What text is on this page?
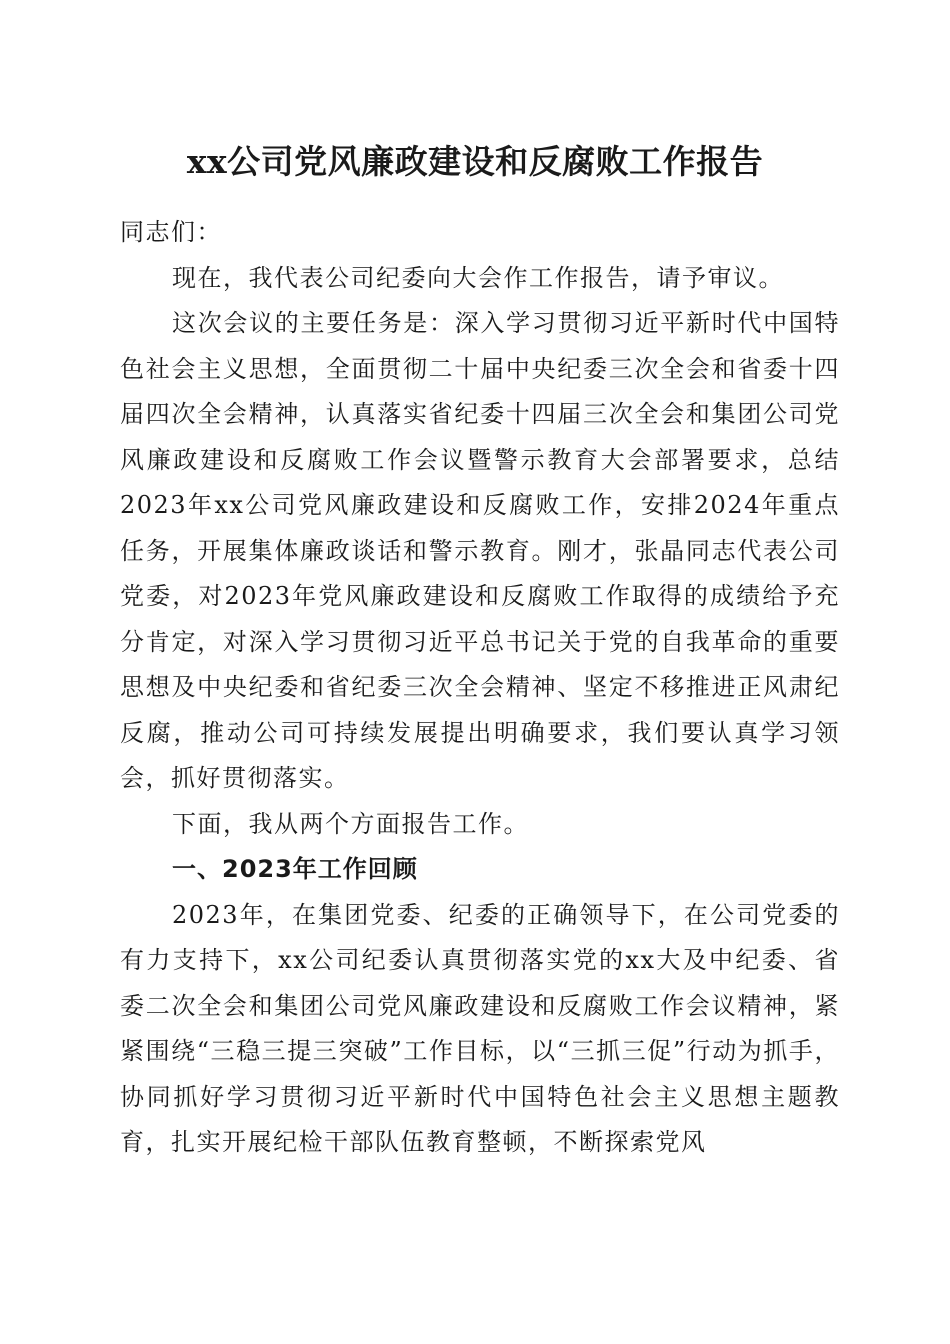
xx公司党风廉政建设和反腐败工作报告

同志们：

现在，我代表公司纪委向大会作工作报告，请予审议。

这次会议的主要任务是：深入学习贯彻习近平新时代中国特色社会主义思想，全面贯彻二十届中央纪委三次全会和省委十四届四次全会精神，认真落实省纪委十四届三次全会和集团公司党风廉政建设和反腐败工作会议暨警示教育大会部署要求，总结2023年xx公司党风廉政建设和反腐败工作，安排2024年重点任务，开展集体廉政谈话和警示教育。刚才，张晶同志代表公司党委，对2023年党风廉政建设和反腐败工作取得的成绩给予充分肯定，对深入学习贯彻习近平总书记关于党的自我革命的重要思想及中央纪委和省纪委三次全会精神、坚定不移推进正风肃纪反腐，推动公司可持续发展提出明确要求，我们要认真学习领会，抓好贯彻落实。

下面，我从两个方面报告工作。

一、2023年工作回顾

2023年，在集团党委、纪委的正确领导下，在公司党委的有力支持下，xx公司纪委认真贯彻落实党的xx大及中纪委、省委二次全会和集团公司党风廉政建设和反腐败工作会议精神，紧紧围绕“三稳三提三突破”工作目标，以“三抓三促”行动为抓手，协同抓好学习贯彻习近平新时代中国特色社会主义思想主题教育，扎实开展纪检干部队伍教育整顿，不断探索党风
